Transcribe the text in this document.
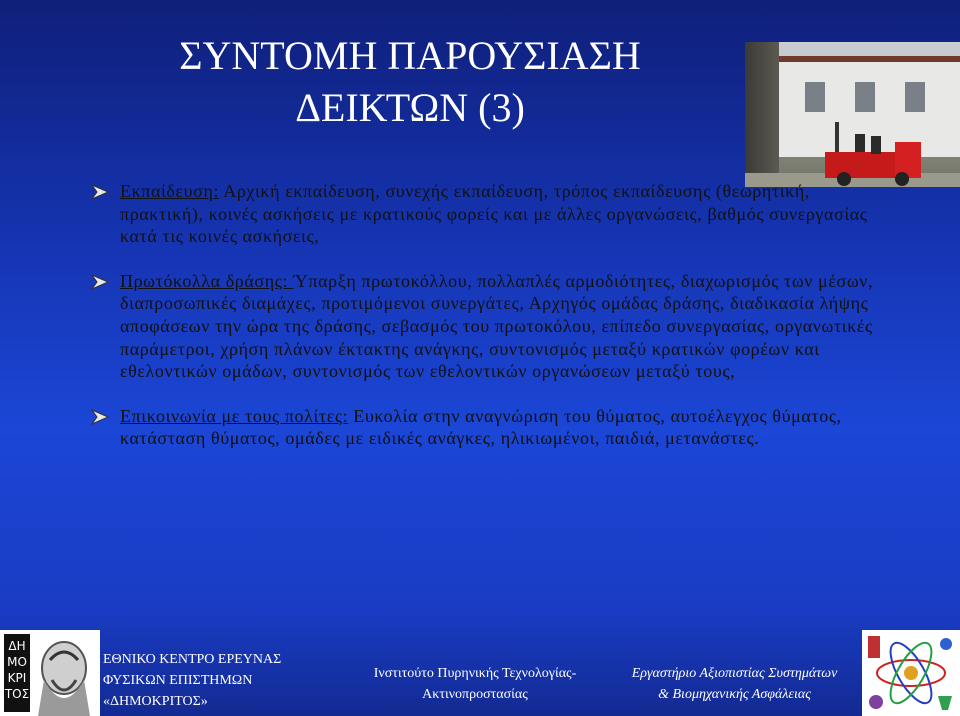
ΣΥΝΤΟΜΗ ΠΑΡΟΥΣΙΑΣΗ
ΔΕΙΚΤΩΝ (3)
Εκπαίδευση: Αρχική εκπαίδευση, συνεχής εκπαίδευση, τρόπος εκπαίδευσης (θεωρητική, πρακτική), κοινές ασκήσεις με κρατικούς φορείς και με άλλες οργανώσεις, βαθμός συνεργασίας κατά τις κοινές ασκήσεις,
Πρωτόκολλα δράσης: Ύπαρξη πρωτοκόλλου, πολλαπλές αρμοδιότητες, διαχωρισμός των μέσων, διαπροσωπικές διαμάχες, προτιμόμενοι συνεργάτες, Αρχηγός ομάδας δράσης, διαδικασία λήψης αποφάσεων την ώρα της δράσης, σεβασμός του πρωτοκόλου, επίπεδο συνεργασίας, οργανωτικές παράμετροι, χρήση πλάνων έκτακτης ανάγκης, συντονισμός μεταξύ κρατικών φορέων και εθελοντικών ομάδων, συντονισμός των εθελοντικών οργανώσεων μεταξύ τους,
Επικοινωνία με τους πολίτες: Ευκολία στην αναγνώριση του θύματος, αυτοέλεγχος θύματος, κατάσταση θύματος, ομάδες με ειδικές ανάγκες, ηλικιωμένοι, παιδιά, μετανάστες.
ΔΗ
ΜΟ
ΚΡΙ
ΤΟΣ
ΕΘΝΙΚΟ ΚΕΝΤΡΟ ΕΡΕΥΝΑΣ
ΦΥΣΙΚΩΝ ΕΠΙΣΤΗΜΩΝ
«ΔΗΜΟΚΡΙΤΟΣ»
Ινστιτούτο Πυρηνικής Τεχνολογίας-
Ακτινοπροστασίας
Εργαστήριο Αξιοπιστίας Συστημάτων
& Βιομηχανικής Ασφάλειας
